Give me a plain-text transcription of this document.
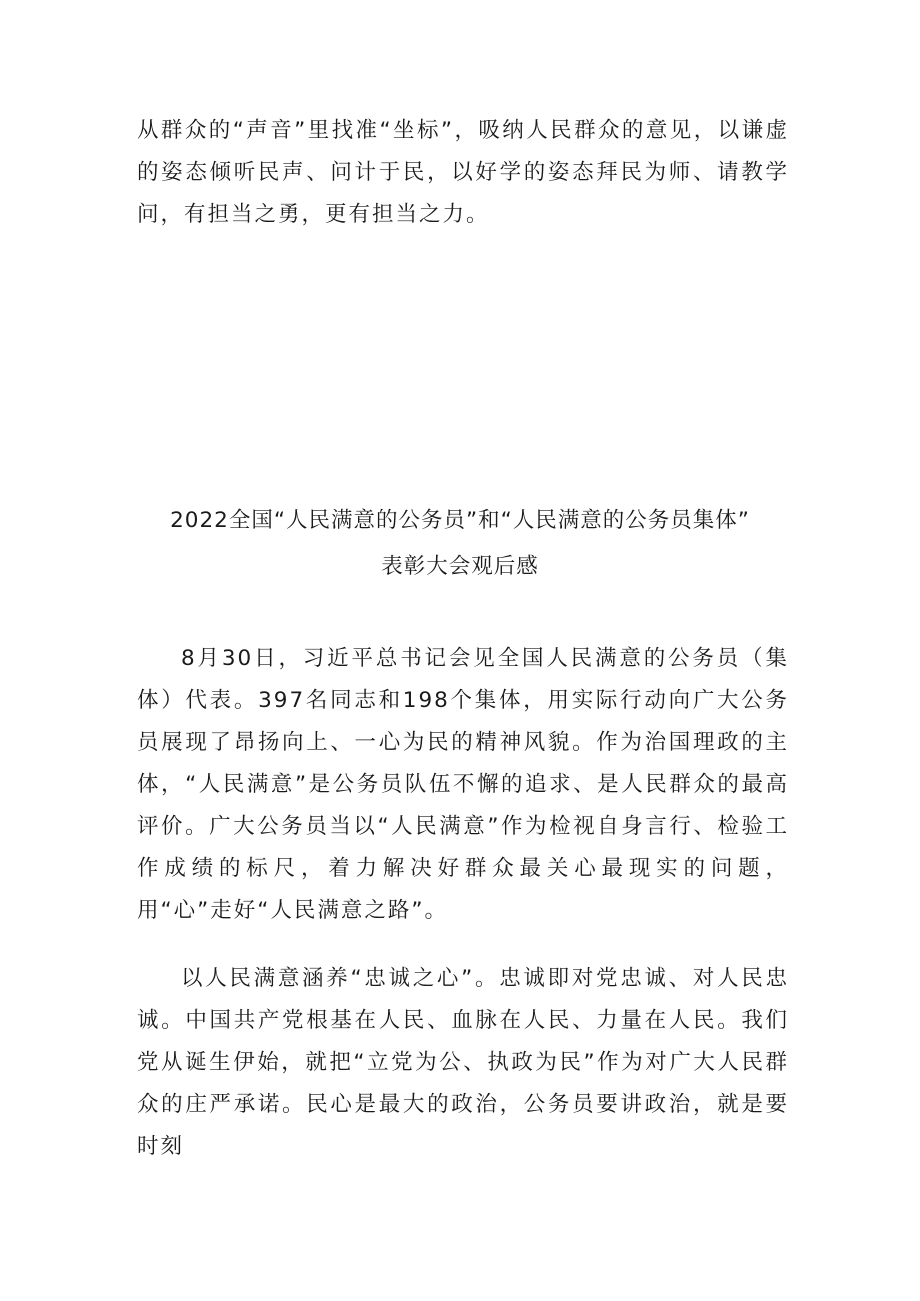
从群众的“声音”里找准“坐标”，吸纳人民群众的意见，以谦虚的姿态倾听民声、问计于民，以好学的姿态拜民为师、请教学问，有担当之勇，更有担当之力。

2022全国“人民满意的公务员”和“人民满意的公务员集体”
表彰大会观后感

8月30日，习近平总书记会见全国人民满意的公务员（集体）代表。397名同志和198个集体，用实际行动向广大公务员展现了昂扬向上、一心为民的精神风貌。作为治国理政的主体，“人民满意”是公务员队伍不懈的追求、是人民群众的最高评价。广大公务员当以“人民满意”作为检视自身言行、检验工作成绩的标尺，着力解决好群众最关心最现实的问题，用“心”走好“人民满意之路”。

以人民满意涵养“忠诚之心”。忠诚即对党忠诚、对人民忠诚。中国共产党根基在人民、血脉在人民、力量在人民。我们党从诞生伊始，就把“立党为公、执政为民”作为对广大人民群众的庄严承诺。民心是最大的政治，公务员要讲政治，就是要时刻
